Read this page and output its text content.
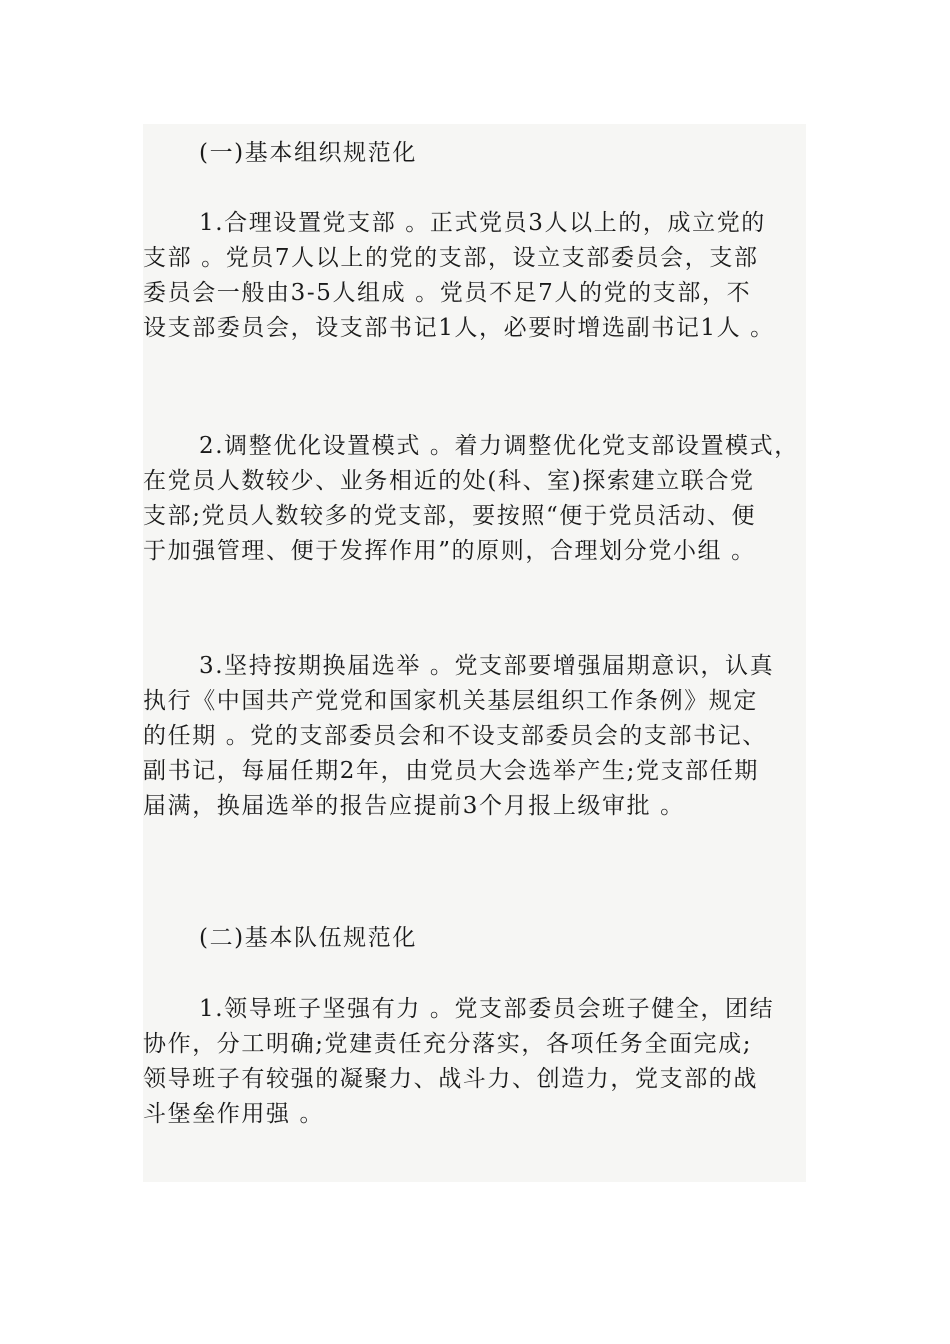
(一)基本组织规范化
1.合理设置党支部 。正式党员3人以上的，成立党的
支部 。党员7人以上的党的支部，设立支部委员会，支部
委员会一般由3-5人组成 。党员不足7人的党的支部，不
设支部委员会，设支部书记1人，必要时增选副书记1人 。
2.调整优化设置模式 。着力调整优化党支部设置模式，
在党员人数较少、业务相近的处(科、室)探索建立联合党
支部;党员人数较多的党支部，要按照“便于党员活动、便
于加强管理、便于发挥作用”的原则，合理划分党小组 。
3.坚持按期换届选举 。党支部要增强届期意识，认真
执行《中国共产党党和国家机关基层组织工作条例》规定
的任期 。党的支部委员会和不设支部委员会的支部书记、
副书记，每届任期2年，由党员大会选举产生;党支部任期
届满，换届选举的报告应提前3个月报上级审批 。
(二)基本队伍规范化
1.领导班子坚强有力 。党支部委员会班子健全，团结
协作，分工明确;党建责任充分落实，各项任务全面完成;
领导班子有较强的凝聚力、战斗力、创造力，党支部的战
斗堡垒作用强 。
